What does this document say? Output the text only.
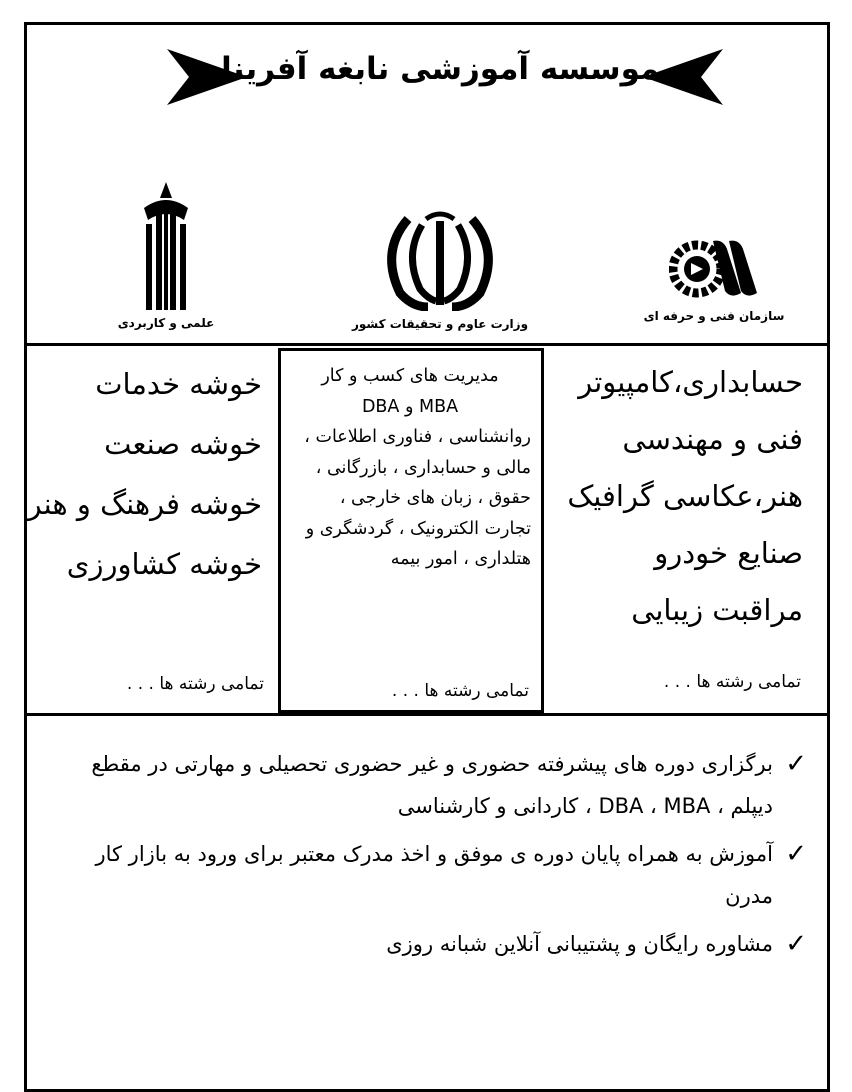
موسسه آموزشی نابغه آفرینان
سازمان فنی و حرفه ای
وزارت عاوم و تحقیقات کشور
علمی و کاربردی
حسابداری،کامپیوتر
فنی و مهندسی
هنر،عکاسی گرافیک
صنایع خودرو
مراقبت زیبایی
تمامی رشته ها . . .
مدیریت های کسب و کار
MBA و DBA
روانشناسی ، فناوری اطلاعات ،
مالی و حسابداری ، بازرگانی ،
حقوق ، زبان های خارجی ،
تجارت الکترونیک ، گردشگری و
هتلداری ، امور بیمه
تمامی رشته ها . . .
خوشه خدمات
خوشه صنعت
خوشه فرهنگ و هنر
خوشه کشاورزی
تمامی رشته ها . . .
✓
برگزاری دوره های پیشرفته حضوری و غیر حضوری تحصیلی و مهارتی در مقطع
دیپلم ، DBA ، MBA ، کاردانی و کارشناسی
✓
آموزش به همراه پایان دوره ی موفق و اخذ مدرک معتبر برای ورود به بازار کار
مدرن
✓
مشاوره رایگان و پشتیبانی آنلاین شبانه روزی
